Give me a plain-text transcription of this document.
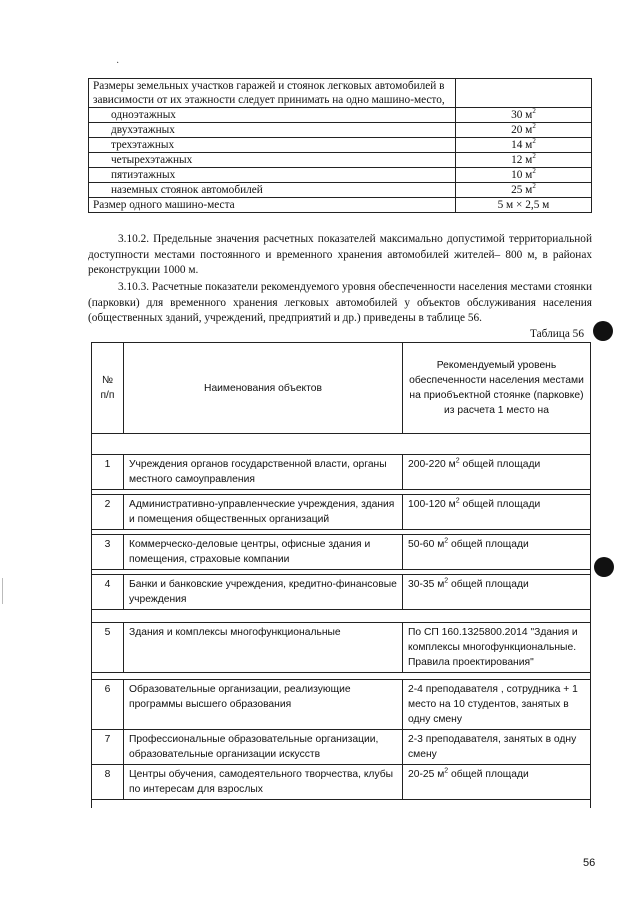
·
Размеры земельных участков гаражей и стоянок легковых автомобилей в зависимости от их этажности следует принимать на одно машино-место,	
одноэтажных	30 $м^2$
двухэтажных	20 $м^2$
трехэтажных	14 $м^2$
четырехэтажных	12 $м^2$
пятиэтажных	10 $м^2$
наземных стоянок автомобилей	25 $м^2$
Размер одного машино-места	5 м × 2,5 м
3.10.2. Предельные значения расчетных показателей максимально допустимой территориальной доступности местами постоянного и временного хранения автомобилей жителей– 800 м, в районах реконструкции 1000 м.
3.10.3. Расчетные показатели рекомендуемого уровня обеспеченности населения местами стоянки (парковки) для временного хранения легковых автомобилей у объектов обслуживания населения (общественных зданий, учреждений, предприятий и др.) приведены в таблице 56.
Таблица 56
№ п/п	Наименования объектов	Рекомендуемый уровень обеспеченности населения местами на приобъектной стоянке (парковке) из расчета 1 место на

1	Учреждения органов государственной власти, органы местного самоуправления	200-220 $м^2$ общей площади

2	Административно-управленческие учреждения, здания и помещения общественных организаций	100-120 $м^2$ общей площади

3	Коммерческо-деловые центры, офисные здания и помещения, страховые компании	50-60 $м^2$ общей площади

4	Банки и банковские учреждения, кредитно-финансовые учреждения	30-35 $м^2$ общей площади

5	Здания и комплексы многофункциональные	По СП 160.1325800.2014 "Здания и комплексы многофункциональные. Правила проектирования"

6	Образовательные организации, реализующие программы высшего образования	2-4 преподавателя , сотрудника + 1 место на 10 студентов, занятых в одну смену
7	Профессиональные образовательные организации, образовательные организации искусств	2-3 преподавателя, занятых в одну смену
8	Центры обучения, самодеятельного творчества, клубы по интересам для взрослых	20-25 $м^2$ общей площади

56
